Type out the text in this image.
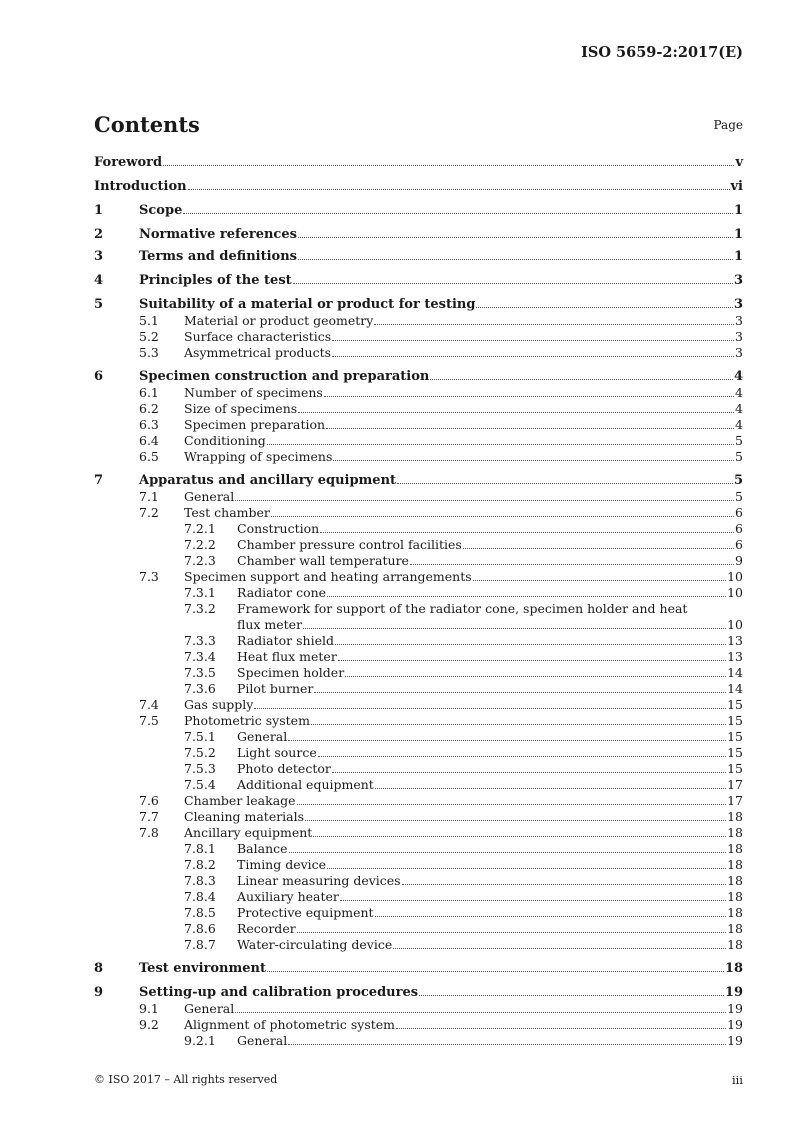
ISO 5659-2:2017(E)
Contents	Page
Foreword	v
Introduction	vi
1	Scope	1
2	Normative references	1
3	Terms and definitions	1
4	Principles of the test	3
5	Suitability of a material or product for testing	3
5.1	Material or product geometry	3
5.2	Surface characteristics	3
5.3	Asymmetrical products	3
6	Specimen construction and preparation	4
6.1	Number of specimens	4
6.2	Size of specimens	4
6.3	Specimen preparation	4
6.4	Conditioning	5
6.5	Wrapping of specimens	5
7	Apparatus and ancillary equipment	5
7.1	General	5
7.2	Test chamber	6
7.2.1	Construction	6
7.2.2	Chamber pressure control facilities	6
7.2.3	Chamber wall temperature	9
7.3	Specimen support and heating arrangements	10
7.3.1	Radiator cone	10
7.3.2	Framework for support of the radiator cone, specimen holder and heat
flux meter	10
7.3.3	Radiator shield	13
7.3.4	Heat flux meter	13
7.3.5	Specimen holder	14
7.3.6	Pilot burner	14
7.4	Gas supply	15
7.5	Photometric system	15
7.5.1	General	15
7.5.2	Light source	15
7.5.3	Photo detector	15
7.5.4	Additional equipment	17
7.6	Chamber leakage	17
7.7	Cleaning materials	18
7.8	Ancillary equipment	18
7.8.1	Balance	18
7.8.2	Timing device	18
7.8.3	Linear measuring devices	18
7.8.4	Auxiliary heater	18
7.8.5	Protective equipment	18
7.8.6	Recorder	18
7.8.7	Water-circulating device	18
8	Test environment	18
9	Setting-up and calibration procedures	19
9.1	General	19
9.2	Alignment of photometric system	19
9.2.1	General	19
© ISO 2017 – All rights reserved	iii
